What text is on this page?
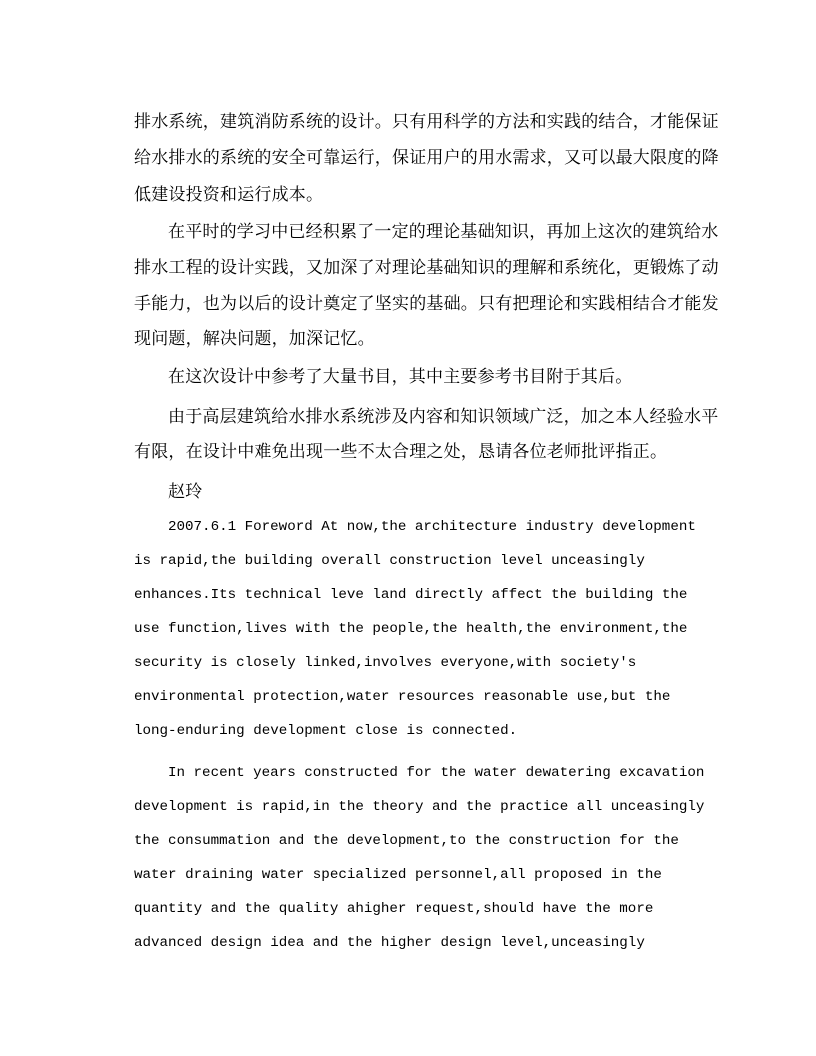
排水系统，建筑消防系统的设计。只有用科学的方法和实践的结合，才能保证
给水排水的系统的安全可靠运行，保证用户的用水需求，又可以最大限度的降
低建设投资和运行成本。
在平时的学习中已经积累了一定的理论基础知识，再加上这次的建筑给水
排水工程的设计实践，又加深了对理论基础知识的理解和系统化，更锻炼了动
手能力，也为以后的设计奠定了坚实的基础。只有把理论和实践相结合才能发
现问题，解决问题，加深记忆。
在这次设计中参考了大量书目，其中主要参考书目附于其后。
由于高层建筑给水排水系统涉及内容和知识领域广泛，加之本人经验水平
有限，在设计中难免出现一些不太合理之处，恳请各位老师批评指正。
赵玲
2007.6.1 Foreword At now,the architecture industry development
is rapid,the building overall construction level unceasingly
enhances.Its technical leve land directly affect the building the
use function,lives with the people,the health,the environment,the
security is closely linked,involves everyone,with society's
environmental protection,water resources reasonable use,but the
long-enduring development close is connected.
In recent years constructed for the water dewatering excavation
development is rapid,in the theory and the practice all unceasingly
the consummation and the development,to the construction for the
water draining water specialized personnel,all proposed in the
quantity and the quality ahigher request,should have the more
advanced design idea and the higher design level,unceasingly
